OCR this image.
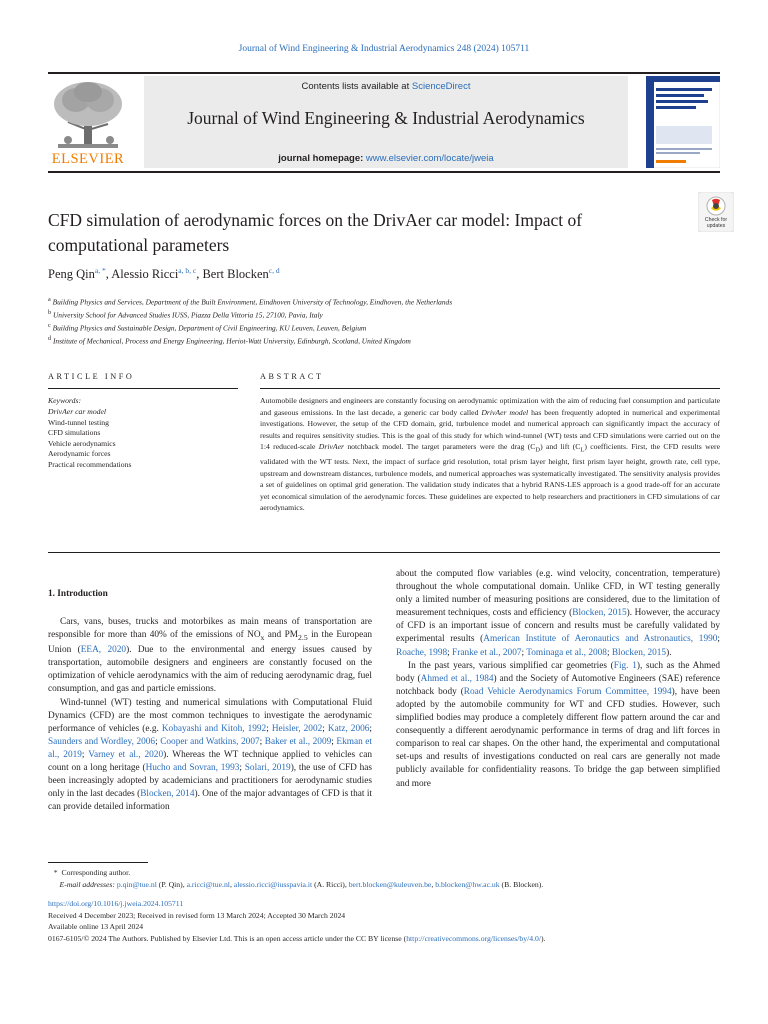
Journal of Wind Engineering & Industrial Aerodynamics 248 (2024) 105711
ELSEVIER
Contents lists available at ScienceDirect
Journal of Wind Engineering & Industrial Aerodynamics
journal homepage: www.elsevier.com/locate/jweia
CFD simulation of aerodynamic forces on the DrivAer car model: Impact of computational parameters
Check for updates
Peng Qin$^{a, *}$, Alessio Ricci$^{a, b, c}$, Bert Blocken$^{c, d}$
$^a$ Building Physics and Services, Department of the Built Environment, Eindhoven University of Technology, Eindhoven, the Netherlands
$^b$ University School for Advanced Studies IUSS, Piazza Della Vittoria 15, 27100, Pavia, Italy
$^c$ Building Physics and Sustainable Design, Department of Civil Engineering, KU Leuven, Leuven, Belgium
$^d$ Institute of Mechanical, Process and Energy Engineering, Heriot-Watt University, Edinburgh, Scotland, United Kingdom
ARTICLE INFO	ABSTRACT
Keywords:
DrivAer car model
Wind-tunnel testing
CFD simulations
Vehicle aerodynamics
Aerodynamic forces
Practical recommendations
Automobile designers and engineers are constantly focusing on aerodynamic optimization with the aim of reducing fuel consumption and particulate and gaseous emissions. In the last decade, a generic car body called DrivAer model has been frequently adopted in numerical and experimental investigations. However, the setup of the CFD domain, grid, turbulence model and numerical approach can significantly impact the accuracy of results and requires sensitivity studies. This is the goal of this study for which wind-tunnel (WT) tests and CFD simulations were carried out on the 1:4 reduced-scale DrivAer notchback model. The target parameters were the drag $(C_D)$ and lift $(C_L)$ coefficients. First, the CFD results were validated with the WT tests. Next, the impact of surface grid resolution, total prism layer height, first prism layer height, growth rate, cell type, upstream and downstream distances, turbulence models, and numerical approaches was systematically investigated. The sensitivity analysis provides a set of guidelines on optimal grid generation. The validation study indicates that a hybrid RANS-LES approach is a good trade-off for an accurate yet economical simulation of the aerodynamic forces. These guidelines are expected to help researchers and practitioners in CFD simulations of car aerodynamics.

1. Introduction

Cars, vans, buses, trucks and motorbikes as main means of transportation are responsible for more than 40% of the emissions of $NO_x$ and $PM_{2.5}$ in the European Union (EEA, 2020). Due to the environmental and energy issues caused by transportation, automobile designers and engineers are constantly focused on the optimization of vehicle aerodynamics with the aim of reducing aerodynamic drag, fuel consumption, and gas and particle emissions.

Wind-tunnel (WT) testing and numerical simulations with Computational Fluid Dynamics (CFD) are the most common techniques to investigate the aerodynamic performance of vehicles (e.g. Kobayashi and Kitoh, 1992; Heisler, 2002; Katz, 2006; Saunders and Wordley, 2006; Cooper and Watkins, 2007; Baker et al., 2009; Ekman et al., 2019; Varney et al., 2020). Whereas the WT technique applied to vehicles can count on a long heritage (Hucho and Sovran, 1993; Solari, 2019), the use of CFD has been increasingly adopted by academicians and practitioners for aerodynamic studies only in the last decades (Blocken, 2014). One of the major advantages of CFD is that it can provide detailed information

about the computed flow variables (e.g. wind velocity, concentration, temperature) throughout the whole computational domain. Unlike CFD, in WT testing generally only a limited number of measuring positions are considered, due to the limitation of measurement techniques, costs and efficiency (Blocken, 2015). However, the accuracy of CFD is an important issue of concern and results must be carefully validated by experimental results (American Institute of Aeronautics and Astronautics, 1990; Roache, 1998; Franke et al., 2007; Tominaga et al., 2008; Blocken, 2015).

In the past years, various simplified car geometries (Fig. 1), such as the Ahmed body (Ahmed et al., 1984) and the Society of Automotive Engineers (SAE) reference notchback body (Road Vehicle Aerodynamics Forum Committee, 1994), have been adopted by the automobile community for WT and CFD studies. However, such simplified bodies may produce a completely different flow pattern around the car and consequently a different aerodynamic performance in terms of drag and lift forces in comparison to real car shapes. On the other hand, the experimental and computational set-ups and results of investigations conducted on real cars are generally not made publicly available for confidentiality reasons. To bridge the gap between simplified and more

*  Corresponding author.
E-mail addresses: p.qin@tue.nl (P. Qin), a.ricci@tue.nl, alessio.ricci@iusspavia.it (A. Ricci), bert.blocken@kuleuven.be, b.blocken@hw.ac.uk (B. Blocken).
https://doi.org/10.1016/j.jweia.2024.105711
Received 4 December 2023; Received in revised form 13 March 2024; Accepted 30 March 2024
Available online 13 April 2024
0167-6105/© 2024 The Authors. Published by Elsevier Ltd. This is an open access article under the CC BY license (http://creativecommons.org/licenses/by/4.0/).
